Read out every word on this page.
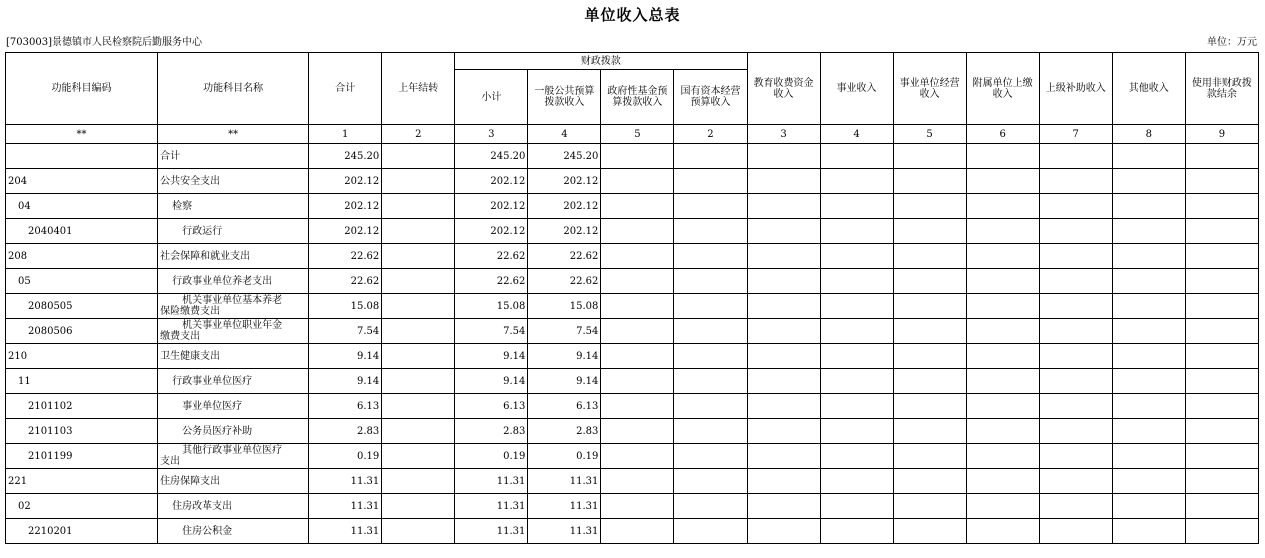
单位收入总表
[703003]景德镇市人民检察院后勤服务中心	单位：万元
功能科目编码	功能科目名称	合计	上年结转	财政拨款				教育收费资金收入	事业收入	事业单位经营收入	附属单位上缴收入	上级补助收入	其他收入	使用非财政拨款结余
				小计	一般公共预算拨款收入	政府性基金预算拨款收入	国有资本经营预算收入							
**	**	1	2	3	4	5	2	3	4	5	6	7	8	9
	合计	245.20		245.20	245.20									
204	公共安全支出	202.12		202.12	202.12									
04	检察	202.12		202.12	202.12									
2040401	行政运行	202.12		202.12	202.12									
208	社会保障和就业支出	22.62		22.62	22.62									
05	行政事业单位养老支出	22.62		22.62	22.62									
2080505	机关事业单位基本养老
保险缴费支出	15.08		15.08	15.08									
2080506	机关事业单位职业年金
缴费支出	7.54		7.54	7.54									
210	卫生健康支出	9.14		9.14	9.14									
11	行政事业单位医疗	9.14		9.14	9.14									
2101102	事业单位医疗	6.13		6.13	6.13									
2101103	公务员医疗补助	2.83		2.83	2.83									
2101199	其他行政事业单位医疗
支出	0.19		0.19	0.19									
221	住房保障支出	11.31		11.31	11.31									
02	住房改革支出	11.31		11.31	11.31									
2210201	住房公积金	11.31		11.31	11.31									
